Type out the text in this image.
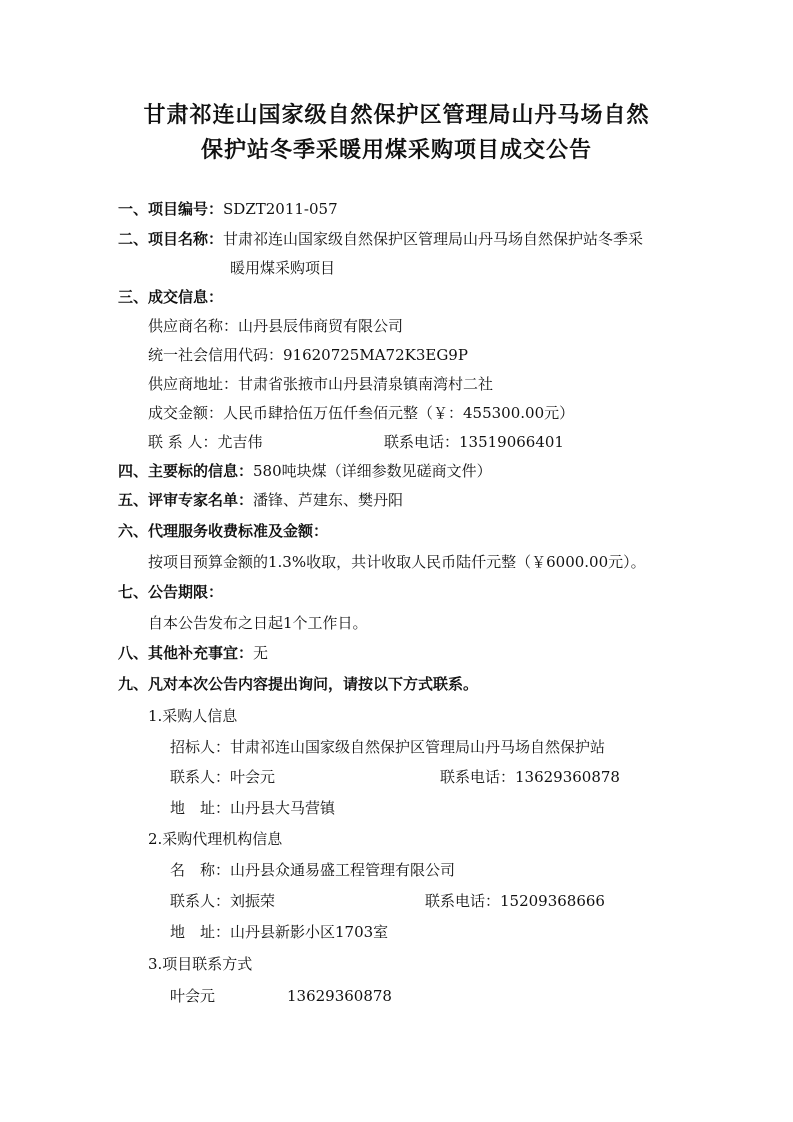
甘肃祁连山国家级自然保护区管理局山丹马场自然
保护站冬季采暖用煤采购项目成交公告
一、项目编号：SDZT2011-057
二、项目名称：甘肃祁连山国家级自然保护区管理局山丹马场自然保护站冬季采
暖用煤采购项目
三、成交信息：
供应商名称：山丹县辰伟商贸有限公司
统一社会信用代码：91620725MA72K3EG9P
供应商地址：甘肃省张掖市山丹县清泉镇南湾村二社
成交金额：人民币肆拾伍万伍仟叁佰元整（￥：455300.00元）
联 系 人：尤吉伟	联系电话：13519066401
四、主要标的信息：580吨块煤（详细参数见磋商文件）
五、评审专家名单：潘锋、芦建东、樊丹阳
六、代理服务收费标准及金额：
按项目预算金额的1.3%收取，共计收取人民币陆仟元整（￥6000.00元）。
七、公告期限：
自本公告发布之日起1个工作日。
八、其他补充事宜：无
九、凡对本次公告内容提出询问，请按以下方式联系。
1.采购人信息
招标人：甘肃祁连山国家级自然保护区管理局山丹马场自然保护站
联系人：叶会元	联系电话：13629360878
地　址：山丹县大马营镇
2.采购代理机构信息
名　称：山丹县众通易盛工程管理有限公司
联系人：刘振荣	联系电话：15209368666
地　址：山丹县新影小区1703室
3.项目联系方式
叶会元	13629360878
